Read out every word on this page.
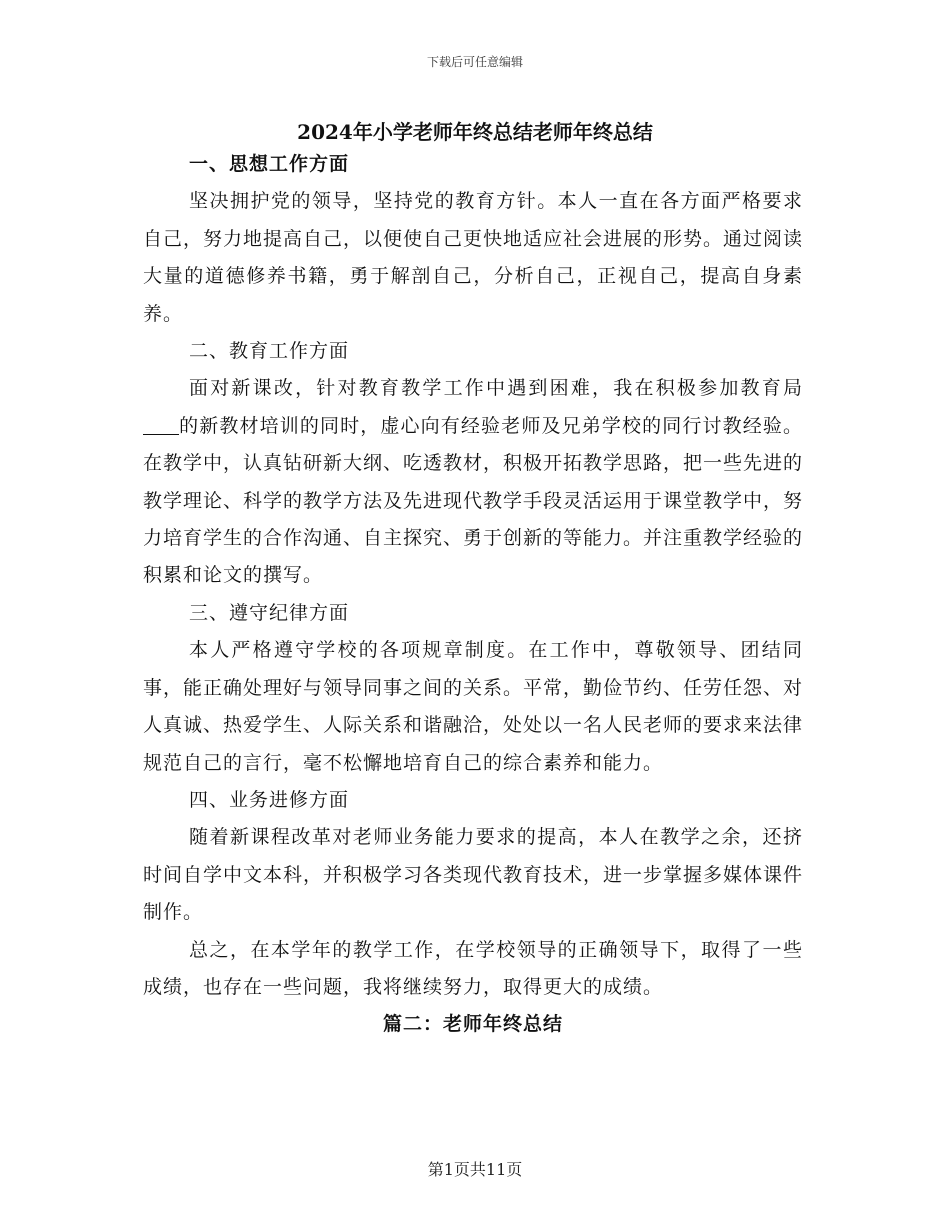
下载后可任意编辑
2024年小学老师年终总结老师年终总结

一、思想工作方面

坚决拥护党的领导，坚持党的教育方针。本人一直在各方面严格要求自己，努力地提高自己，以便使自己更快地适应社会进展的形势。通过阅读大量的道德修养书籍，勇于解剖自己，分析自己，正视自己，提高自身素养。

二、教育工作方面

面对新课改，针对教育教学工作中遇到困难，我在积极参加教育局的新教材培训的同时，虚心向有经验老师及兄弟学校的同行讨教经验。在教学中，认真钻研新大纲、吃透教材，积极开拓教学思路，把一些先进的教学理论、科学的教学方法及先进现代教学手段灵活运用于课堂教学中，努力培育学生的合作沟通、自主探究、勇于创新的等能力。并注重教学经验的积累和论文的撰写。

三、遵守纪律方面

本人严格遵守学校的各项规章制度。在工作中，尊敬领导、团结同事，能正确处理好与领导同事之间的关系。平常，勤俭节约、任劳任怨、对人真诚、热爱学生、人际关系和谐融洽，处处以一名人民老师的要求来法律规范自己的言行，毫不松懈地培育自己的综合素养和能力。

四、业务进修方面

随着新课程改革对老师业务能力要求的提高，本人在教学之余，还挤时间自学中文本科，并积极学习各类现代教育技术，进一步掌握多媒体课件制作。

总之，在本学年的教学工作，在学校领导的正确领导下，取得了一些成绩，也存在一些问题，我将继续努力，取得更大的成绩。

篇二：老师年终总结

第1页共11页
